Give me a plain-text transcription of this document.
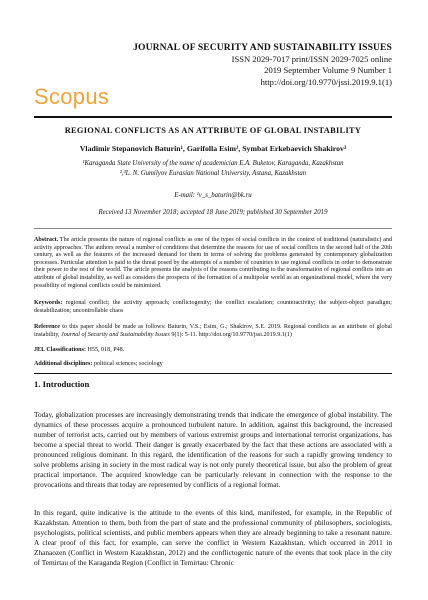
JOURNAL OF SECURITY AND SUSTAINABILITY ISSUES
ISSN 2029-7017 print/ISSN 2029-7025 online
2019 September Volume 9 Number 1
http://doi.org/10.9770/jssi.2019.9.1(1)
Scopus
REGIONAL CONFLICTS AS AN ATTRIBUTE OF GLOBAL INSTABILITY
Vladimir Stepanovich Baturin¹, Garifolla Esim², Symbat Erkebaevich Shakirov³
¹Karaganda State University of the name of academician E.A. Buketov, Karaganda, Kazakhstan
²,³L. N. Gumilyov Eurasian National University, Astana, Kazakhstan
E-mail: ¹v_s_baturin@bk.ru
Received 13 November 2018; accepted 18 June 2019; published 30 September 2019
Abstract. The article presents the nature of regional conflicts as one of the types of social conflicts in the context of traditional (naturalistic) and activity approaches. The authors reveal a number of conditions that determine the reasons for use of social conflicts in the second half of the 20th century, as well as the features of the increased demand for them in terms of solving the problems generated by contemporary globalization processes. Particular attention is paid to the threat posed by the attempts of a number of countries to use regional conflicts in order to demonstrate their power to the rest of the world. The article presents the analysis of the reasons contributing to the transformation of regional conflicts into an attribute of global instability, as well as considers the prospects of the formation of a multipolar world as an organizational model, where the very possibility of regional conflicts could be minimized.
Keywords: regional conflict; the activity approach; conflictogenity; the conflict escalation; counteractivity; the subject-object paradigm; destabilization; uncontrollable chaos
Reference to this paper should be made as follows: Baturin, V.S.; Esim, G.; Shakirov, S.E. 2019. Regional conflicts as an attribute of global instability, Journal of Security and Sustainability Issues 9(1): 5-11. http://doi.org/10.9770/jssi.2019.9.1(1)
JEL Classifications: H55, 018, P48.
Additional disciplines: political sciences; sociology
1. Introduction

Today, globalization processes are increasingly demonstrating trends that indicate the emergence of global instability. The dynamics of these processes acquire a pronounced turbulent nature. In addition, against this background, the increased number of terrorist acts, carried out by members of various extremist groups and international terrorist organizations, has become a special threat to world. Their danger is greatly exacerbated by the fact that these actions are associated with a pronounced religious dominant. In this regard, the identification of the reasons for such a rapidly growing tendency to solve problems arising in society in the most radical way is not only purely theoretical issue, but also the problem of great practical importance. The acquired knowledge can be particularly relevant in connection with the response to the provocations and threats that today are represented by conflicts of a regional format.

In this regard, quite indicative is the attitude to the events of this kind, manifested, for example, in the Republic of Kazakhstan. Attention to them, both from the part of state and the professional community of philosophers, sociologists, psychologists, political scientists, and public members appears when they are already beginning to take a resonant nature. A clear proof of this fact, for example, can serve the conflict in Western Kazakhstan, which occurred in 2011 in Zhanaozen (Conflict in Western Kazakhstan, 2012) and the conflictogenic nature of the events that took place in the city of Temirtau of the Karaganda Region (Conflict in Temirtau: Chronic
